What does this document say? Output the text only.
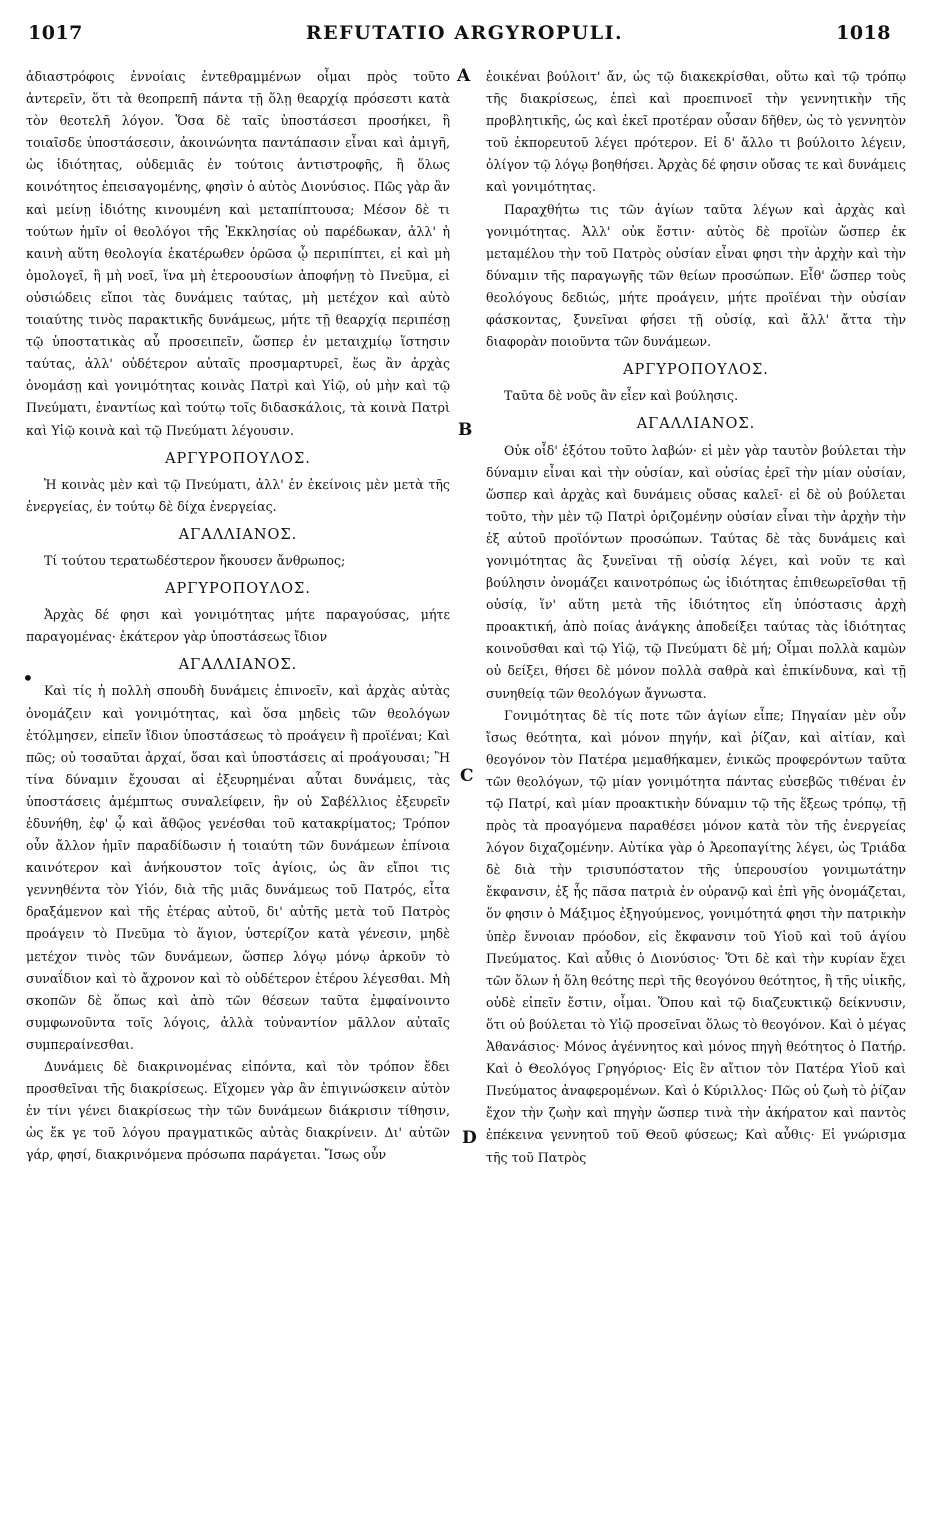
1017	REFUTATIO ARGYROPULI.	1018
A
B
C
D
•

ἀδιαστρόφοις ἐννοίαις ἐντεθραμμένων οἶμαι πρὸς τοῦτο ἀντερεῖν, ὅτι τὰ θεοπρεπῆ πάντα τῇ ὅλῃ θεαρχίᾳ πρόσεστι κατὰ τὸν θεοτελῆ λόγον. Ὅσα δὲ ταῖς ὑποστάσεσι προσήκει, ἢ τοιαῖσδε ὑποστάσεσιν, ἀκοινώνητα παντάπασιν εἶναι καὶ ἀμιγῆ, ὡς ἰδιότητας, οὐδεμιᾶς ἐν τούτοις ἀντιστροφῆς, ἢ ὅλως κοινότητος ἐπεισαγομένης, φησὶν ὁ αὐτὸς Διονύσιος. Πῶς γὰρ ἂν καὶ μείνῃ ἰδιότης κινουμένη καὶ μεταπίπτουσα; Μέσον δὲ τι τούτων ἡμῖν οἱ θεολόγοι τῆς Ἐκκλησίας οὐ παρέδωκαν, ἀλλ' ἡ καινὴ αὕτη θεολογία ἑκατέρωθεν ὁρῶσα ᾧ περιπίπτει, εἰ καὶ μὴ ὁμολογεῖ, ἢ μὴ νοεῖ, ἵνα μὴ ἑτεροουσίων ἀποφήνῃ τὸ Πνεῦμα, εἰ οὐσιώδεις εἴποι τὰς δυνάμεις ταύτας, μὴ μετέχον καὶ αὐτὸ τοιαύτης τινὸς παρακτικῆς δυνάμεως, μήτε τῇ θεαρχίᾳ περιπέσῃ τῷ ὑποστατικὰς αὖ προσειπεῖν, ὥσπερ ἐν μεταιχμίῳ ἵστησιν ταύτας, ἀλλ' οὐδέτερον αὐταῖς προσμαρτυρεῖ, ἕως ἂν ἀρχὰς ὀνομάσῃ καὶ γονιμότητας κοινὰς Πατρὶ καὶ Υἱῷ, οὐ μὴν καὶ τῷ Πνεύματι, ἐναντίως καὶ τούτῳ τοῖς διδασκάλοις, τὰ κοινὰ Πατρὶ καὶ Υἱῷ κοινὰ καὶ τῷ Πνεύματι λέγουσιν.

ΑΡΓΥΡΟΠΟΥΛΟΣ.

Ἡ κοινὰς μὲν καὶ τῷ Πνεύματι, ἀλλ' ἐν ἐκείνοις μὲν μετὰ τῆς ἐνεργείας, ἐν τούτῳ δὲ δίχα ἐνεργείας.

ΑΓΑΛΛΙΑΝΟΣ.

Τί τούτου τερατωδέστερον ἤκουσεν ἄνθρωπος;

ΑΡΓΥΡΟΠΟΥΛΟΣ.

Ἀρχὰς δέ φησι καὶ γονιμότητας μήτε παραγούσας, μήτε παραγομένας· ἑκάτερον γὰρ ὑποστάσεως ἴδιον

ΑΓΑΛΛΙΑΝΟΣ.

Καὶ τίς ἡ πολλὴ σπουδὴ δυνάμεις ἐπινοεῖν, καὶ ἀρχὰς αὐτὰς ὀνομάζειν καὶ γονιμότητας, καὶ ὅσα μηδεὶς τῶν θεολόγων ἐτόλμησεν, εἰπεῖν ἴδιον ὑποστάσεως τὸ προάγειν ἢ προϊέναι; Καὶ πῶς; οὐ τοσαῦται ἀρχαί, ὅσαι καὶ ὑποστάσεις αἱ προάγουσαι; Ἢ τίνα δύναμιν ἔχουσαι αἱ ἐξευρημέναι αὗται δυνάμεις, τὰς ὑποστάσεις ἀμέμπτως συναλείφειν, ἣν οὐ Σαβέλλιος ἐξευρεῖν ἐδυνήθη, ἐφ' ᾧ καὶ ἄθῷος γενέσθαι τοῦ κατακρίματος; Τρόπον οὖν ἄλλον ἡμῖν παραδίδωσιν ἡ τοιαύτη τῶν δυνάμεων ἐπίνοια καινότερον καὶ ἀνήκουστον τοῖς ἁγίοις, ὡς ἂν εἴποι τις γεννηθέντα τὸν Υἱόν, διὰ τῆς μιᾶς δυνάμεως τοῦ Πατρός, εἶτα δραξάμενον καὶ τῆς ἑτέρας αὐτοῦ, δι' αὐτῆς μετὰ τοῦ Πατρὸς προάγειν τὸ Πνεῦμα τὸ ἅγιον, ὑστερίζον κατὰ γένεσιν, μηδὲ μετέχον τινὸς τῶν δυνάμεων, ὥσπερ λόγῳ μόνῳ ἀρκοῦν τὸ συναΐδιον καὶ τὸ ἄχρονον καὶ τὸ οὐδέτερον ἑτέρου λέγεσθαι. Μὴ σκοπῶν δὲ ὅπως καὶ ἀπὸ τῶν θέσεων ταῦτα ἐμφαίνοιντο συμφωνοῦντα τοῖς λόγοις, ἀλλὰ τοὐναντίον μᾶλλον αὐταῖς συμπεραίνεσθαι.

Δυνάμεις δὲ διακρινομένας εἰπόντα, καὶ τὸν τρόπον ἔδει προσθεῖναι τῆς διακρίσεως. Εἴχομεν γὰρ ἂν ἐπιγινώσκειν αὐτὸν ἐν τίνι γένει διακρίσεως τὴν τῶν δυνάμεων διάκρισιν τίθησιν, ὡς ἔκ γε τοῦ λόγου πραγματικῶς αὐτὰς διακρίνειν. Δι' αὐτῶν γάρ, φησί, διακρινόμενα πρόσωπα παράγεται. Ἴσως οὖν

ἐοικέναι βούλοιτ' ἄν, ὡς τῷ διακεκρίσθαι, οὕτω καὶ τῷ τρόπῳ τῆς διακρίσεως, ἐπεὶ καὶ προεπινοεῖ τὴν γεννητικὴν τῆς προβλητικῆς, ὡς καὶ ἐκεῖ προτέραν οὖσαν δῆθεν, ὡς τὸ γεννητὸν τοῦ ἐκπορευτοῦ λέγει πρότερον. Εἰ δ' ἄλλο τι βούλοιτο λέγειν, ὀλίγον τῷ λόγῳ βοηθήσει. Ἀρχὰς δέ φησιν οὔσας τε καὶ δυνάμεις καὶ γονιμότητας.

Παραχθήτω τις τῶν ἁγίων ταῦτα λέγων καὶ ἀρχὰς καὶ γονιμότητας. Ἀλλ' οὐκ ἔστιν· αὐτὸς δὲ προϊὼν ὥσπερ ἐκ μεταμέλου τὴν τοῦ Πατρὸς οὐσίαν εἶναι φησι τὴν ἀρχὴν καὶ τὴν δύναμιν τῆς παραγωγῆς τῶν θείων προσώπων. Εἶθ' ὥσπερ τοὺς θεολόγους δεδιώς, μήτε προάγειν, μήτε προϊέναι τὴν οὐσίαν φάσκοντας, ξυνεῖναι φήσει τῇ οὐσίᾳ, καὶ ἄλλ' ἄττα τὴν διαφορὰν ποιοῦντα τῶν δυνάμεων.

ΑΡΓΥΡΟΠΟΥΛΟΣ.

Ταῦτα δὲ νοῦς ἂν εἶεν καὶ βούλησις.

ΑΓΑΛΛΙΑΝΟΣ.

Οὐκ οἶδ' ἐξότου τοῦτο λαβών· εἰ μὲν γὰρ ταυτὸν βούλεται τὴν δύναμιν εἶναι καὶ τὴν οὐσίαν, καὶ οὐσίας ἐρεῖ τὴν μίαν οὐσίαν, ὥσπερ καὶ ἀρχὰς καὶ δυνάμεις οὔσας καλεῖ· εἰ δὲ οὐ βούλεται τοῦτο, τὴν μὲν τῷ Πατρὶ ὁριζομένην οὐσίαν εἶναι τὴν ἀρχὴν τὴν ἐξ αὐτοῦ προϊόντων προσώπων. Ταύτας δὲ τὰς δυνάμεις καὶ γονιμότητας ἃς ξυνεῖναι τῇ οὐσίᾳ λέγει, καὶ νοῦν τε καὶ βούλησιν ὀνομάζει καινοτρόπως ὡς ἰδιότητας ἐπιθεωρεῖσθαι τῇ οὐσίᾳ, ἵν' αὕτη μετὰ τῆς ἰδιότητος εἴη ὑπόστασις ἀρχὴ προακτική, ἀπὸ ποίας ἀνάγκης ἀποδείξει ταύτας τὰς ἰδιότητας κοινοῦσθαι καὶ τῷ Υἱῷ, τῷ Πνεύματι δὲ μή; Οἶμαι πολλὰ καμὼν οὐ δείξει, θήσει δὲ μόνον πολλὰ σαθρὰ καὶ ἐπικίνδυνα, καὶ τῇ συνηθείᾳ τῶν θεολόγων ἄγνωστα.

Γονιμότητας δὲ τίς ποτε τῶν ἁγίων εἶπε; Πηγαίαν μὲν οὖν ἴσως θεότητα, καὶ μόνον πηγήν, καὶ ῥίζαν, καὶ αἰτίαν, καὶ θεογόνον τὸν Πατέρα μεμαθήκαμεν, ἑνικῶς προφερόντων ταῦτα τῶν θεολόγων, τῷ μίαν γονιμότητα πάντας εὐσεβῶς τιθέναι ἐν τῷ Πατρί, καὶ μίαν προακτικὴν δύναμιν τῷ τῆς ἕξεως τρόπῳ, τῇ πρὸς τὰ προαγόμενα παραθέσει μόνον κατὰ τὸν τῆς ἐνεργείας λόγον διχαζομένην. Αὐτίκα γὰρ ὁ Ἀρεοπαγίτης λέγει, ὡς Τριάδα δὲ διὰ τὴν τρισυπόστατον τῆς ὑπερουσίου γονιμωτάτην ἔκφανσιν, ἐξ ἧς πᾶσα πατριὰ ἐν οὐρανῷ καὶ ἐπὶ γῆς ὀνομάζεται, ὅν φησιν ὁ Μάξιμος ἐξηγούμενος, γονιμότητά φησι τὴν πατρικὴν ὑπὲρ ἔννοιαν πρόοδον, εἰς ἔκφανσιν τοῦ Υἱοῦ καὶ τοῦ ἁγίου Πνεύματος. Καὶ αὖθις ὁ Διονύσιος· Ὅτι δὲ καὶ τὴν κυρίαν ἔχει τῶν ὅλων ἡ ὅλη θεότης περὶ τῆς θεογόνου θεότητος, ἢ τῆς υἱικῆς, οὐδὲ εἰπεῖν ἔστιν, οἶμαι. Ὅπου καὶ τῷ διαζευκτικῷ δείκνυσιν, ὅτι οὐ βούλεται τὸ Υἱῷ προσεῖναι ὅλως τὸ θεογόνον. Καὶ ὁ μέγας Ἀθανάσιος· Μόνος ἀγέννητος καὶ μόνος πηγὴ θεότητος ὁ Πατήρ. Καὶ ὁ Θεολόγος Γρηγόριος· Εἰς ἓν αἴτιον τὸν Πατέρα Υἱοῦ καὶ Πνεύματος ἀναφερομένων. Καὶ ὁ Κύριλλος· Πῶς οὐ ζωὴ τὸ ῥίζαν ἔχον τὴν ζωὴν καὶ πηγὴν ὥσπερ τινὰ τὴν ἀκήρατον καὶ παντὸς ἐπέκεινα γεννητοῦ τοῦ Θεοῦ φύσεως; Καὶ αὖθις· Εἰ γνώρισμα τῆς τοῦ Πατρὸς
